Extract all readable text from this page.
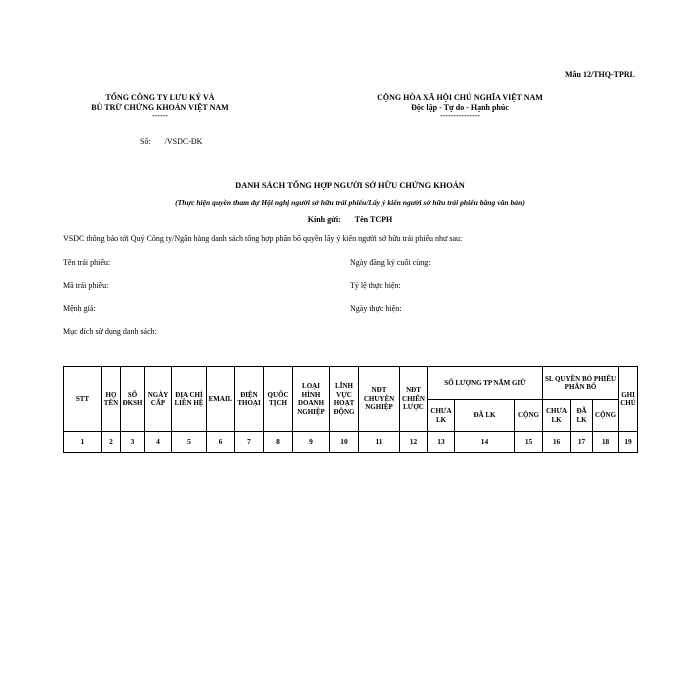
Mẫu 12/THQ-TPRL
TỔNG CÔNG TY LƯU KÝ VÀ
BÙ TRỪ CHỨNG KHOÁN VIỆT NAM
------
CỘNG HÒA XÃ HỘI CHỦ NGHĨA VIỆT NAM
Độc lập - Tự do - Hạnh phúc
---------------
Số: /VSDC-ĐK
DANH SÁCH TỔNG HỢP NGƯỜI SỞ HỮU CHỨNG KHOÁN
(Thực hiện quyền tham dự Hội nghị người sở hữu trái phiếu/Lấy ý kiến người sở hữu trái phiếu bằng văn bản)
Kính gửi: Tên TCPH
VSDC thông báo tới Quý Công ty/Ngân hàng danh sách tổng hợp phân bổ quyền lấy ý kiến người sở hữu trái phiếu như sau:
Tên trái phiếu:	Ngày đăng ký cuối cùng:
Mã trái phiếu:	Tỷ lệ thực hiện:
Mệnh giá:	Ngày thực hiện:
Mục đích sử dụng danh sách:
STT	HỌ TÊN	SỐ ĐKSH	NGÀY CẤP	ĐỊA CHỈ LIÊN HỆ	EMAIL	ĐIỆN THOẠI	QUỐC TỊCH	LOẠI HÌNH DOANH NGHIỆP	LĨNH VỰC HOẠT ĐỘNG	NĐT CHUYÊN NGHIỆP	NĐT CHIẾN LƯỢC	SỐ LƯỢNG TP NẮM GIỮ			SL QUYỀN BỎ PHIẾU PHÂN BỔ			GHI CHÚ
												CHƯA LK	ĐÃ LK	CỘNG	CHƯA LK	ĐÃ LK	CỘNG	
1	2	3	4	5	6	7	8	9	10	11	12	13	14	15	16	17	18	19
